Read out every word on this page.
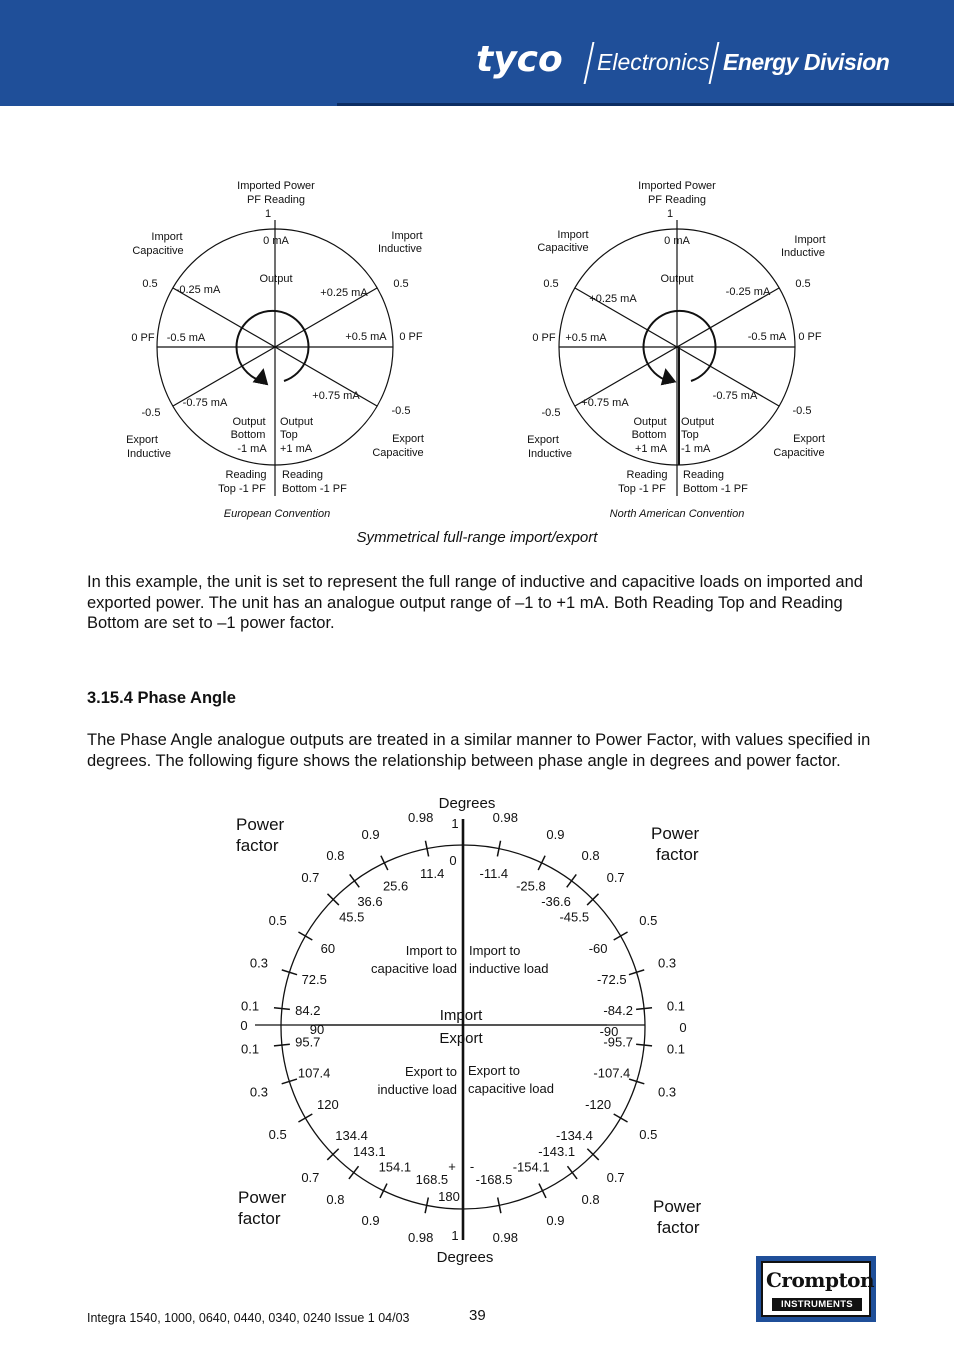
tyco Electronics Energy Division
Imported Power
PF Reading
1
Import
Capacitive
Import
Inductive
0 mA
Output
0.5	0.5
-0.25 mA	+0.25 mA
0 PF	0 PF
-0.5 mA	+0.5 mA
+0.75 mA
-0.75 mA
-0.5	-0.5
Output
Bottom
-1 mA
Output
Top
+1 mA
Export
Inductive
Export
Capacitive
Reading
Top -1 PF
Reading
Bottom -1 PF
European Convention
Imported Power
PF Reading
1
Import
Capacitive
Import
Inductive
0 mA
Output
0.5	0.5
+0.25 mA
-0.25 mA
0 PF	0 PF
+0.5 mA	-0.5 mA
-0.75 mA
+0.75 mA
-0.5	-0.5
Output
Bottom
+1 mA
Output
Top
-1 mA
Export
Inductive
Export
Capacitive
Reading
Top -1 PF
Reading
Bottom -1 PF
North American Convention
Degrees
Degrees
Power
factor
Power
factor
Power
factor
Power
factor
Import
Export
Import to
capacitive load
Import to
inductive load
Export to
inductive load
Export to
capacitive load
+ -
1
1
0	0
0
11.4
25.6
36.6
45.5
60
72.5
84.2
90
95.7
107.4
120
134.4
143.1
154.1
168.5
180
-11.4
-25.8
-36.6
-45.5
-60
-72.5
-84.2
-90
-95.7
-107.4
-120
-134.4
-143.1
-154.1
-168.5
0.98
0.9
0.8
0.7
0.5
0.3
0.1
0.98
0.9
0.8
0.7
0.5
0.3
0.1
0.1
0.3
0.5
0.7
0.8
0.9
0.98
0.1
0.3
0.5
0.7
0.8
0.9
0.98
Symmetrical full-range import/export
In this example, the unit is set to represent the full range of inductive and capacitive loads on imported and exported power. The unit has an analogue output range of –1 to +1 mA. Both Reading Top and Reading Bottom are set to –1 power factor.
3.15.4 Phase Angle
The Phase Angle analogue outputs are treated in a similar manner to Power Factor, with values specified in degrees. The following figure shows the relationship between phase angle in degrees and power factor.
Integra 1540, 1000, 0640, 0440, 0340, 0240 Issue 1 04/03	39
Crompton
INSTRUMENTS
